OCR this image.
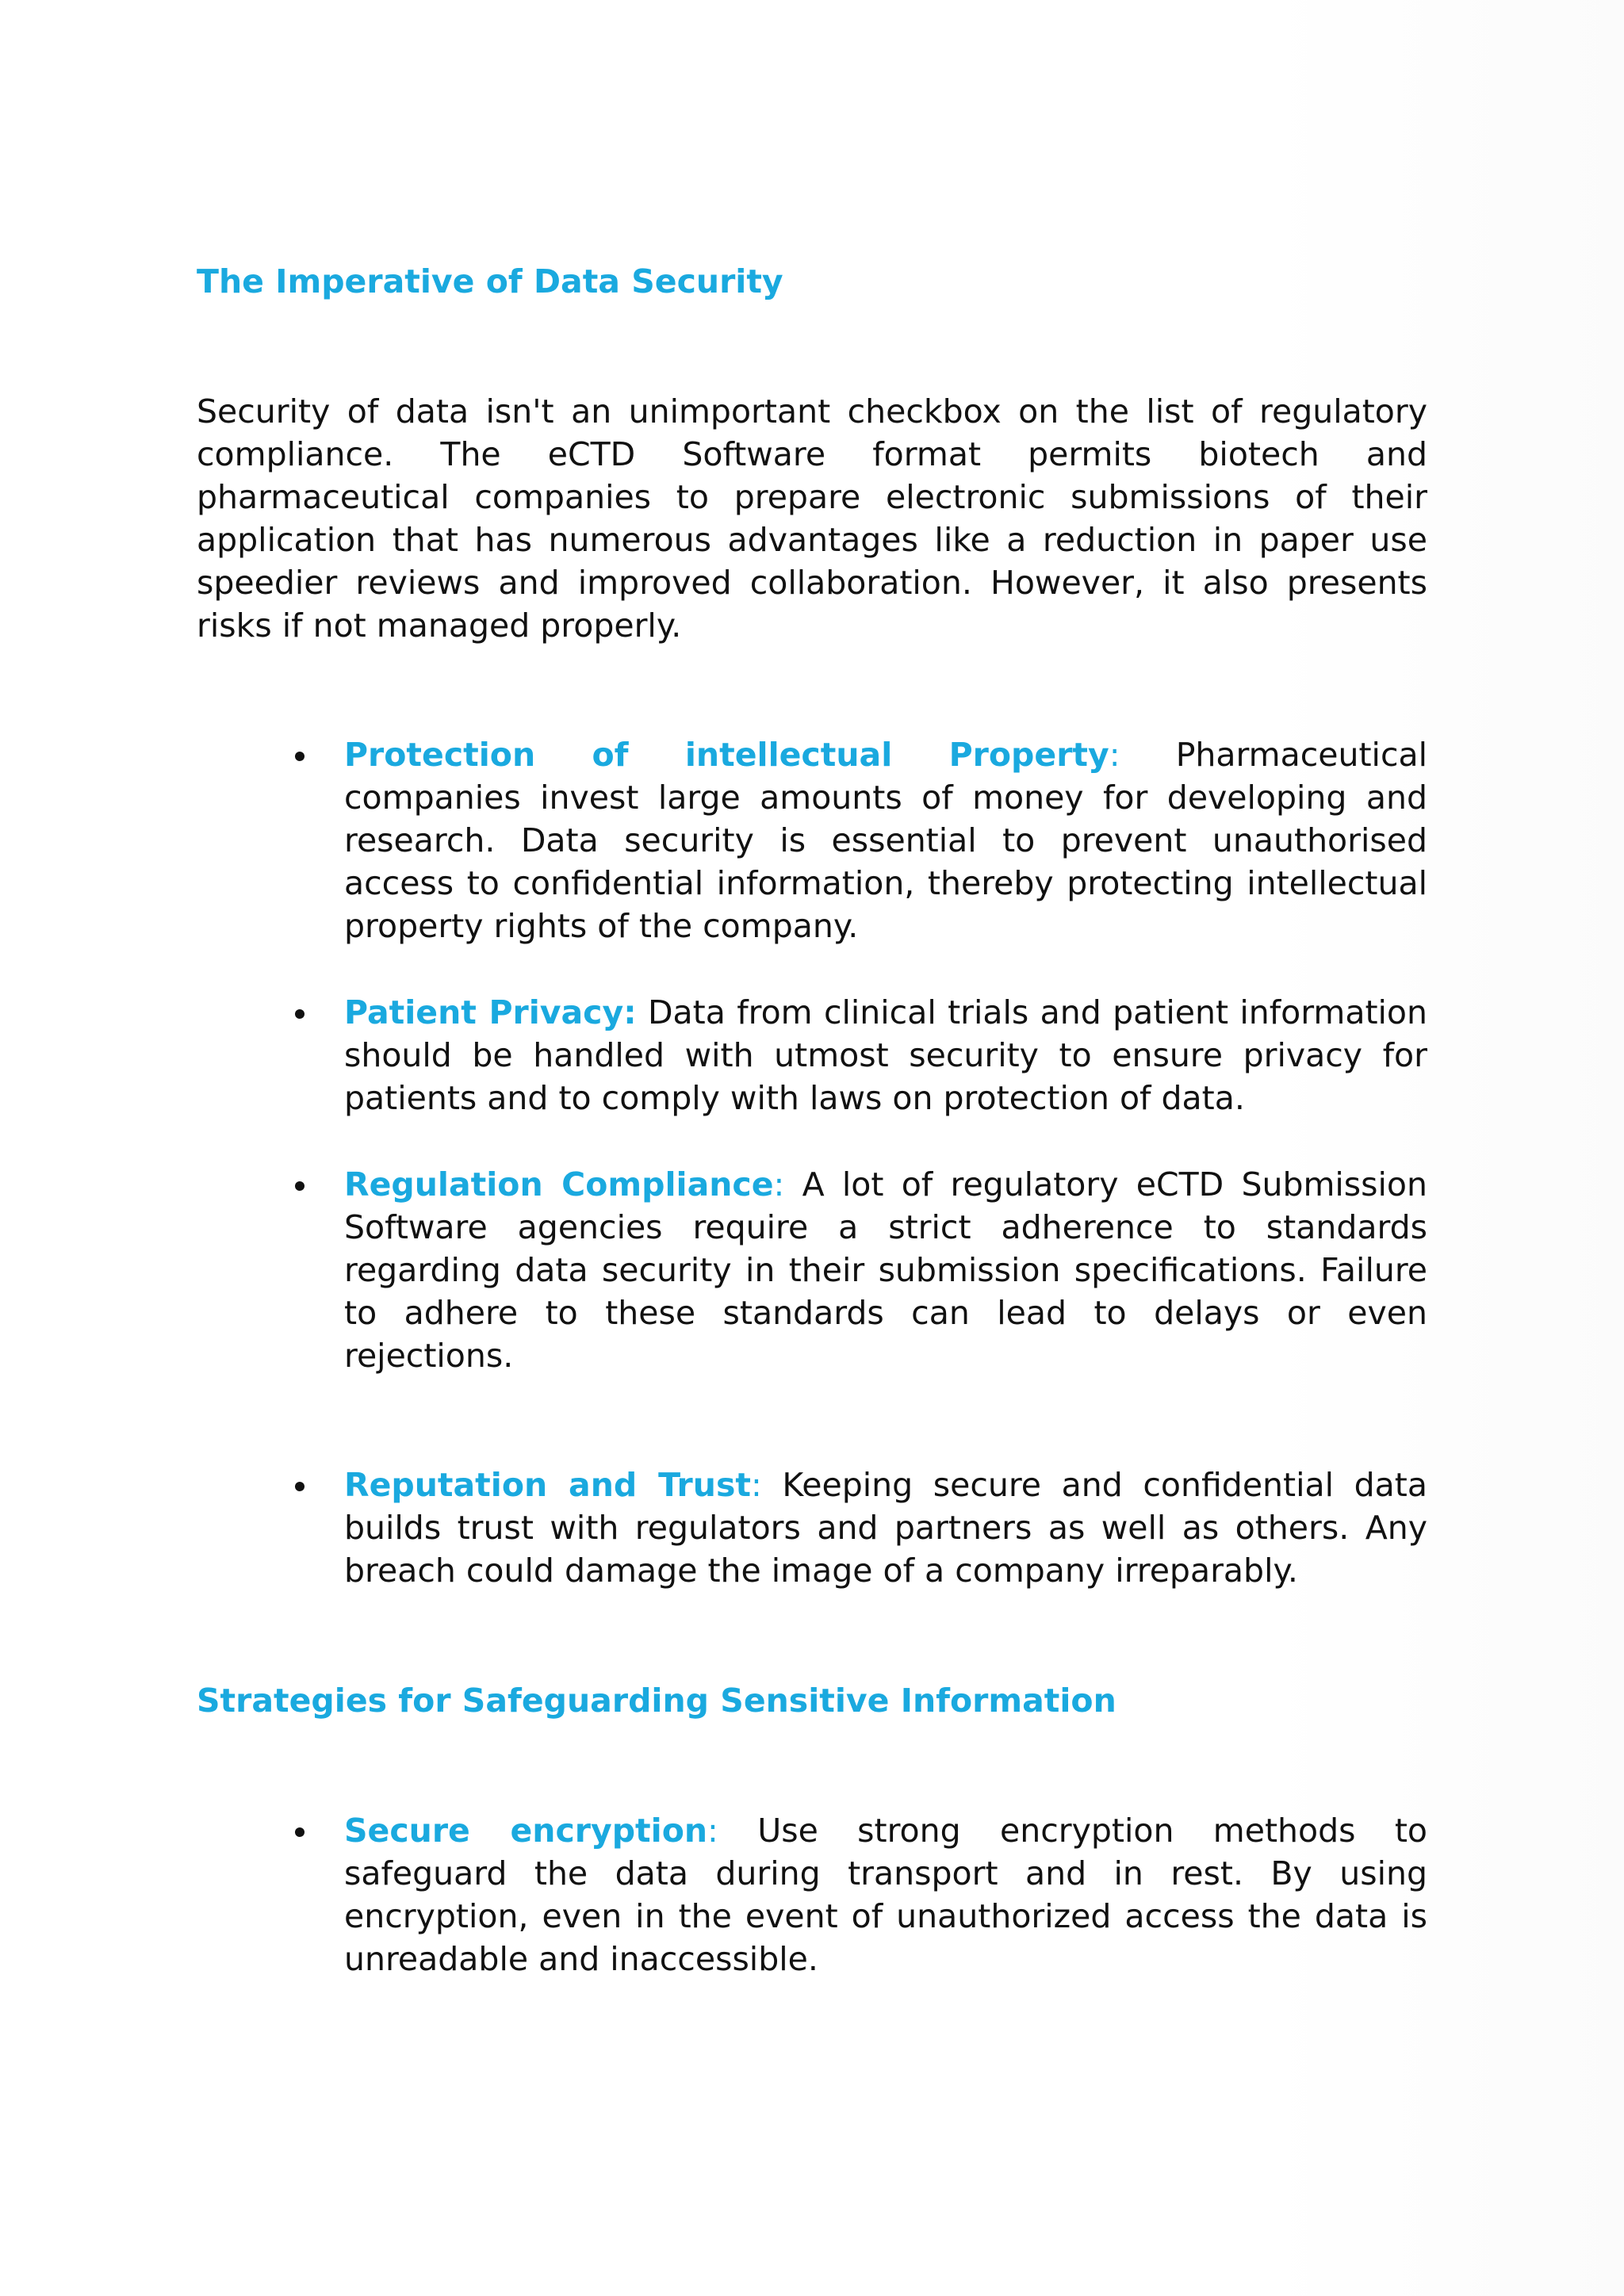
The Imperative of Data Security

Security of data isn't an unimportant checkbox on the list of regulatory compliance. The eCTD Software format permits biotech and pharmaceutical companies to prepare electronic submissions of their application that has numerous advantages like a reduction in paper use speedier reviews and improved collaboration. However, it also presents risks if not managed properly.

Protection of intellectual Property: Pharmaceutical companies invest large amounts of money for developing and research. Data security is essential to prevent unauthorised access to confidential information, thereby protecting intellectual property rights of the company.

Patient Privacy: Data from clinical trials and patient information should be handled with utmost security to ensure privacy for patients and to comply with laws on protection of data.

Regulation Compliance: A lot of regulatory eCTD Submission Software agencies require a strict adherence to standards regarding data security in their submission specifications. Failure to adhere to these standards can lead to delays or even rejections.

Reputation and Trust: Keeping secure and confidential data builds trust with regulators and partners as well as others. Any breach could damage the image of a company irreparably.

Strategies for Safeguarding Sensitive Information

Secure encryption: Use strong encryption methods to safeguard the data during transport and in rest. By using encryption, even in the event of unauthorized access the data is unreadable and inaccessible.
